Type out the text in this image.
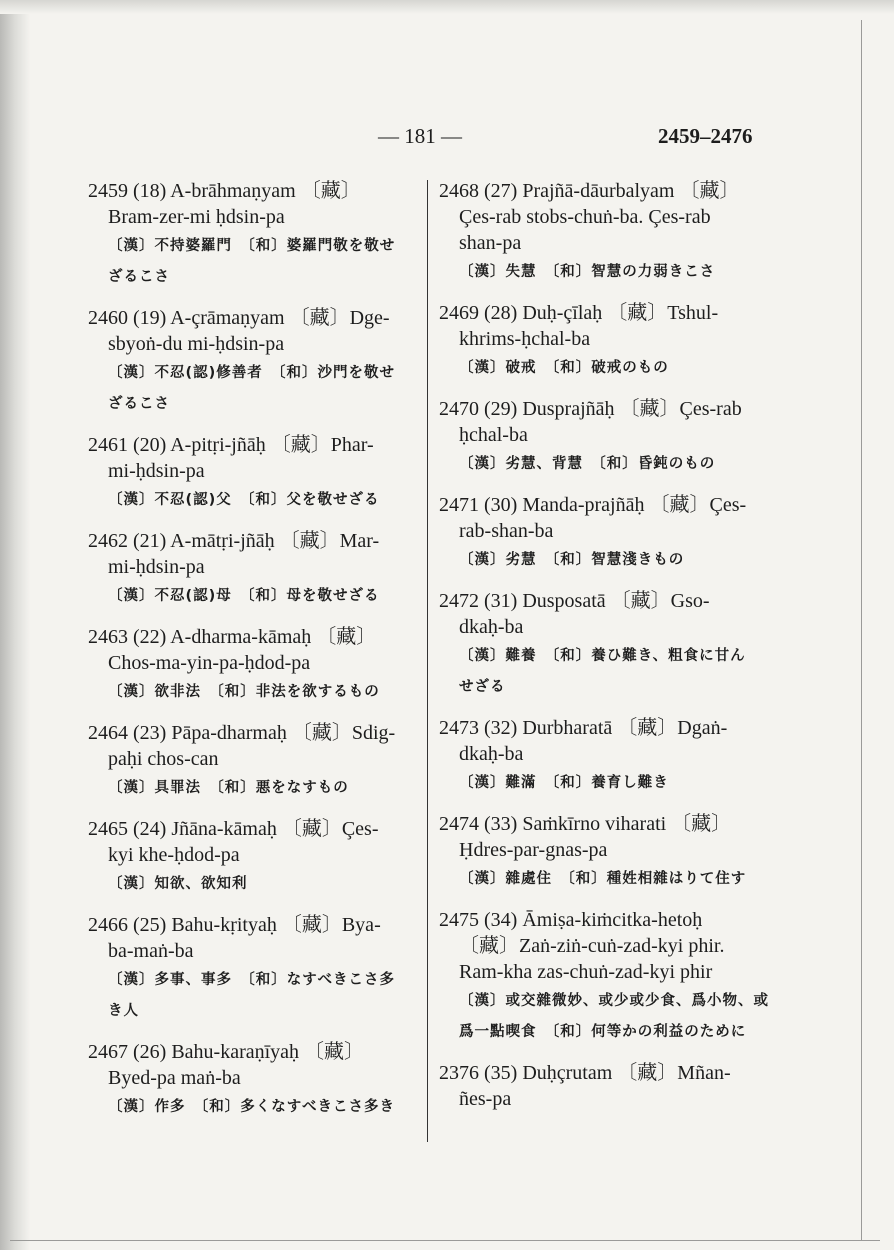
— 181 —	2459–2476
2459 (18) A-brāhmaṇyam 〔藏〕
Bram-zer-mi ḥdsin-pa
〔漢〕不持婆羅門　〔和〕婆羅門敬を敬せ
ざるこさ
2460 (19) A-çrāmaṇyam 〔藏〕Dge-
sbyoṅ-du mi-ḥdsin-pa
〔漢〕不忍(認)修善者　〔和〕沙門を敬せ
ざるこさ
2461 (20) A-pitṛi-jñāḥ 〔藏〕Phar-
mi-ḥdsin-pa
〔漢〕不忍(認)父　〔和〕父を敬せざる
2462 (21) A-mātṛi-jñāḥ 〔藏〕Mar-
mi-ḥdsin-pa
〔漢〕不忍(認)母　〔和〕母を敬せざる
2463 (22) A-dharma-kāmaḥ 〔藏〕
Chos-ma-yin-pa-ḥdod-pa
〔漢〕欲非法　〔和〕非法を欲するもの
2464 (23) Pāpa-dharmaḥ 〔藏〕Sdig-
paḥi chos-can
〔漢〕具罪法　〔和〕悪をなすもの
2465 (24) Jñāna-kāmaḥ 〔藏〕Çes-
kyi khe-ḥdod-pa
〔漢〕知欲、欲知利
2466 (25) Bahu-kṛityaḥ 〔藏〕Bya-
ba-maṅ-ba
〔漢〕多事、事多　〔和〕なすべきこさ多
き人
2467 (26) Bahu-karaṇīyaḥ 〔藏〕
Byed-pa maṅ-ba
〔漢〕作多　〔和〕多くなすべきこさ多き
2468 (27) Prajñā-dāurbalyam 〔藏〕
Çes-rab stobs-chuṅ-ba. Çes-rab
shan-pa
〔漢〕失慧　〔和〕智慧の力弱きこさ
2469 (28) Duḥ-çīlaḥ 〔藏〕Tshul-
khrims-ḥchal-ba
〔漢〕破戒　〔和〕破戒のもの
2470 (29) Dusprajñāḥ 〔藏〕Çes-rab
ḥchal-ba
〔漢〕劣慧、背慧　〔和〕昏鈍のもの
2471 (30) Manda-prajñāḥ 〔藏〕Çes-
rab-shan-ba
〔漢〕劣慧　〔和〕智慧淺きもの
2472 (31) Dusposatā 〔藏〕Gso-
dkaḥ-ba
〔漢〕難養　〔和〕養ひ難き、粗食に甘ん
せざる
2473 (32) Durbharatā 〔藏〕Dgaṅ-
dkaḥ-ba
〔漢〕難滿　〔和〕養育し難き
2474 (33) Saṁkīrno viharati 〔藏〕
Ḥdres-par-gnas-pa
〔漢〕雜處住　〔和〕種姓相雜はりて住す
2475 (34) Āmiṣa-kiṁcitka-hetoḥ
〔藏〕Zaṅ-ziṅ-cuṅ-zad-kyi phir.
Ram-kha zas-chuṅ-zad-kyi phir
〔漢〕或交雜微妙、或少或少食、爲小物、或
爲一點喫食　〔和〕何等かの利益のために
2376 (35) Duḥçrutam 〔藏〕Mñan-
ñes-pa
